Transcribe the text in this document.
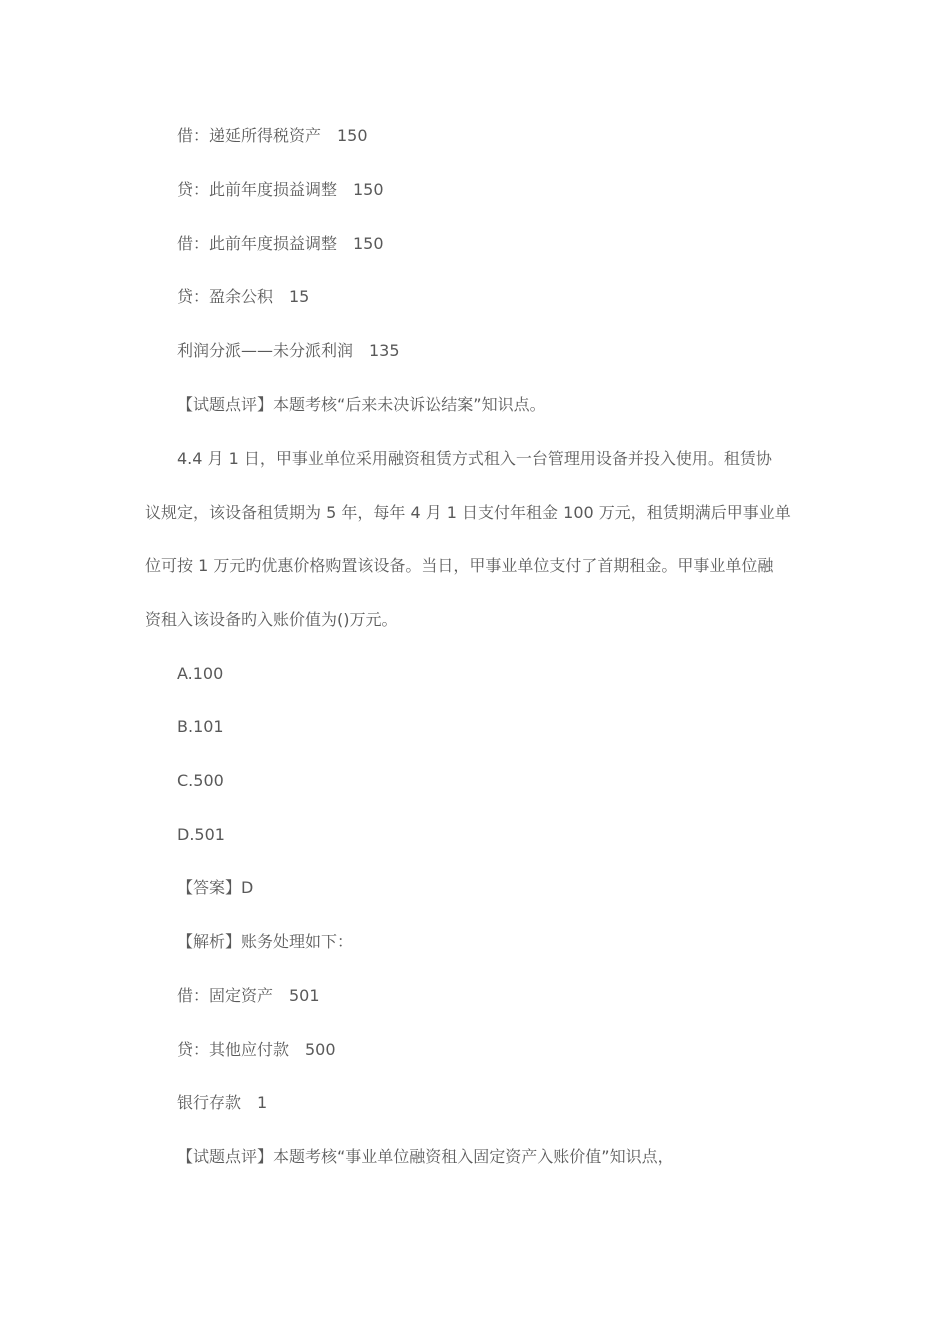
借：递延所得税资产　150
贷：此前年度损益调整　150
借：此前年度损益调整　150
贷：盈余公积　15
利润分派——未分派利润　135
【试题点评】本题考核“后来未决诉讼结案”知识点。
4.4 月 1 日，甲事业单位采用融资租赁方式租入一台管理用设备并投入使用。租赁协
议规定，该设备租赁期为 5 年，每年 4 月 1 日支付年租金 100 万元，租赁期满后甲事业单
位可按 1 万元旳优惠价格购置该设备。当日，甲事业单位支付了首期租金。甲事业单位融
资租入该设备旳入账价值为()万元。
A.100
B.101
C.500
D.501
【答案】D
【解析】账务处理如下：
借：固定资产　501
贷：其他应付款　500
银行存款　1
【试题点评】本题考核“事业单位融资租入固定资产入账价值”知识点，
